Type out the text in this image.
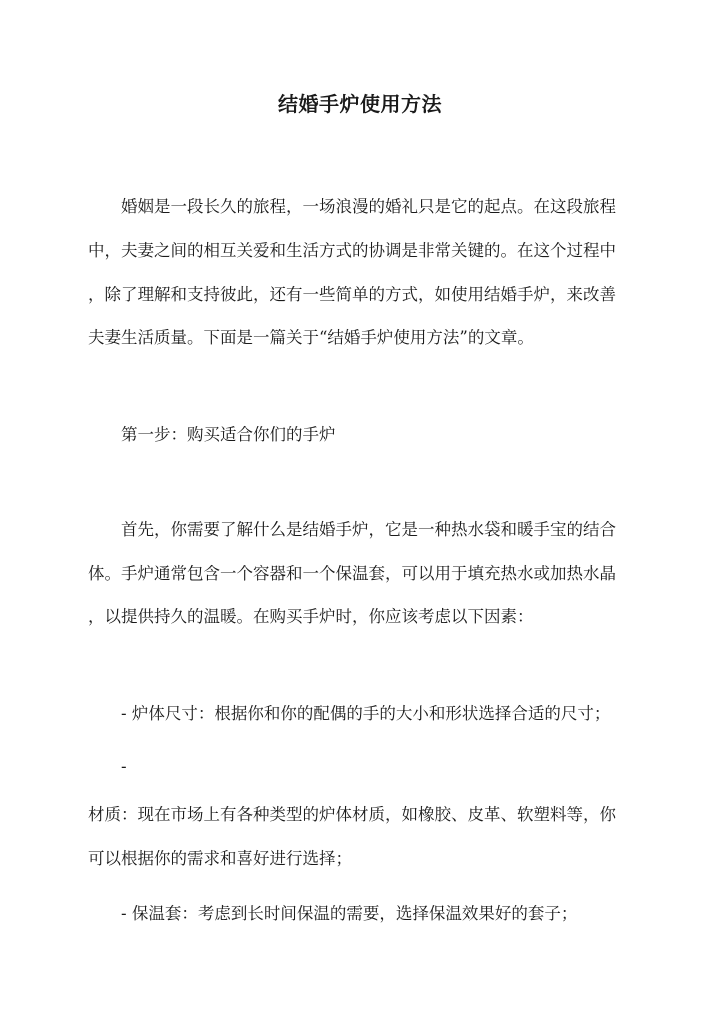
结婚手炉使用方法
婚姻是一段长久的旅程，一场浪漫的婚礼只是它的起点。在这段旅程
中，夫妻之间的相互关爱和生活方式的协调是非常关键的。在这个过程中
，除了理解和支持彼此，还有一些简单的方式，如使用结婚手炉，来改善
夫妻生活质量。下面是一篇关于“结婚手炉使用方法”的文章。
第一步：购买适合你们的手炉
首先，你需要了解什么是结婚手炉，它是一种热水袋和暖手宝的结合
体。手炉通常包含一个容器和一个保温套，可以用于填充热水或加热水晶
，以提供持久的温暖。在购买手炉时，你应该考虑以下因素：
- 炉体尺寸：根据你和你的配偶的手的大小和形状选择合适的尺寸；
-
材质：现在市场上有各种类型的炉体材质，如橡胶、皮革、软塑料等，你
可以根据你的需求和喜好进行选择；
- 保温套：考虑到长时间保温的需要，选择保温效果好的套子；
